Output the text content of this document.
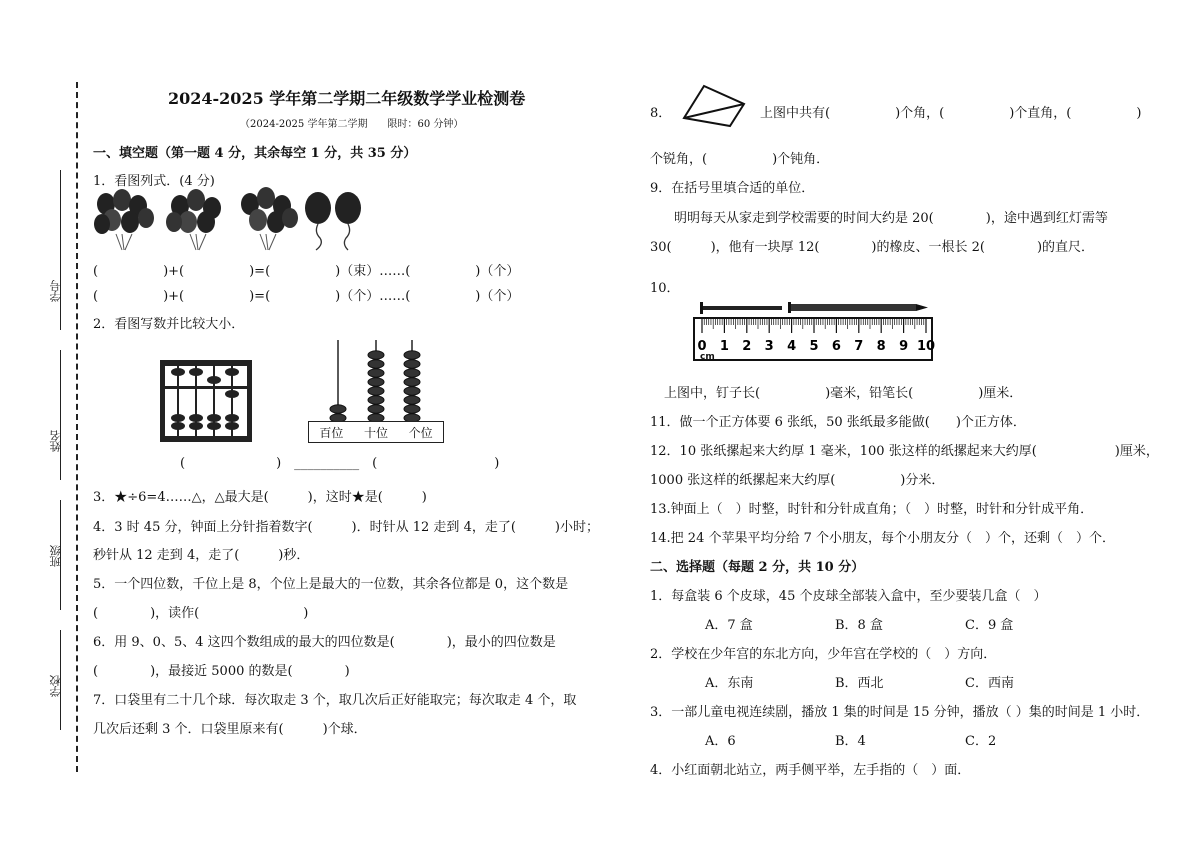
学号
姓名
班级
学校
2024-2025 学年第二学期二年级数学学业检测卷
（2024-2025 学年第二学期　　限时：60 分钟）
一、填空题（第一题 4 分，其余每空 1 分，共 35 分）
1．看图列式．(4 分)
(　　　　　)+(　　　　　)=(　　　　　)（束）……(　　　　　)（个）
(　　　　　)+(　　　　　)=(　　　　　)（个）……(　　　　　)（个）
2．看图写数并比较大小．
百位 十位 个位
(　　　　　　　)　__________　(　　　　　　　　　)
3．★÷6=4……△，△最大是(　　　)，这时★是(　　　)
4．3 时 45 分，钟面上分针指着数字(　　　)．时针从 12 走到 4，走了(　　　)小时；
秒针从 12 走到 4，走了(　　　)秒．
5．一个四位数，千位上是 8，个位上是最大的一位数，其余各位都是 0，这个数是
(　　　　)，读作(　　　　　　　　)
6．用 9、0、5、4 这四个数组成的最大的四位数是(　　　　)，最小的四位数是
(　　　　)，最接近 5000 的数是(　　　　)
7．口袋里有二十几个球．每次取走 3 个，取几次后正好能取完；每次取走 4 个，取
几次后还剩 3 个．口袋里原来有(　　　)个球．
8．	上图中共有(　　　　　)个角，(　　　　　)个直角，(　　　　　)
个锐角，(　　　　　)个钝角．
9．在括号里填合适的单位．
明明每天从家走到学校需要的时间大约是 20(　　　　)，途中遇到红灯需等
30(　　　)，他有一块厚 12(　　　　)的橡皮、一根长 2(　　　　)的直尺．
10．
0 1 2 3 4 5 6 7 8 9 10
cm
上图中，钉子长(　　　　　)毫米，铅笔长(　　　　　)厘米．
11．做一个正方体要 6 张纸，50 张纸最多能做(　　)个正方体．
12．10 张纸摞起来大约厚 1 毫米，100 张这样的纸摞起来大约厚(　　　　　　)厘米，
1000 张这样的纸摞起来大约厚(　　　　　)分米．
13.钟面上（　）时整，时针和分针成直角；（　）时整，时针和分针成平角．
14.把 24 个苹果平均分给 7 个小朋友，每个小朋友分（　）个，还剩（　）个．
二、选择题（每题 2 分，共 10 分）
1．每盒装 6 个皮球，45 个皮球全部装入盒中，至少要装几盒（　）
A．7 盒	B．8 盒	C．9 盒
2．学校在少年宫的东北方向，少年宫在学校的（　）方向．
A．东南	B．西北	C．西南
3．一部儿童电视连续剧，播放 1 集的时间是 15 分钟，播放（ ）集的时间是 1 小时．
A．6	B．4	C．2
4．小红面朝北站立，两手侧平举，左手指的（　）面．
